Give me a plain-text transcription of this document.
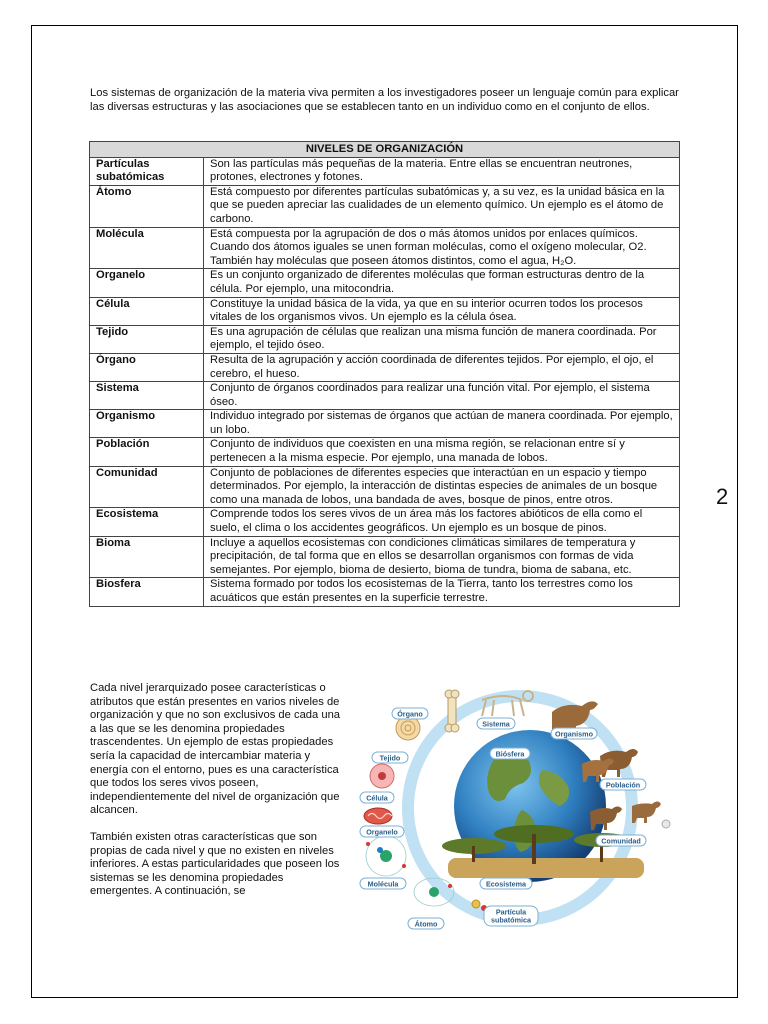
Los sistemas de organización de la materia viva permiten a los investigadores poseer un lenguaje común para explicar las diversas estructuras y las asociaciones que se establecen tanto en un individuo como en el conjunto de ellos.

NIVELES DE ORGANIZACIÓN	
Partículas subatómicas	Son las partículas más pequeñas de la materia. Entre ellas se encuentran neutrones, protones, electrones y fotones.
Átomo	Está compuesto por diferentes partículas subatómicas y, a su vez, es la unidad básica en la que se pueden apreciar las cualidades de un elemento químico. Un ejemplo es el átomo de carbono.
Molécula	Está compuesta por la agrupación de dos o más átomos unidos por enlaces químicos. Cuando dos átomos iguales se unen forman moléculas, como el oxígeno molecular, O2. También hay moléculas que poseen átomos distintos, como el agua, H₂O.
Organelo	Es un conjunto organizado de diferentes moléculas que forman estructuras dentro de la célula. Por ejemplo, una mitocondria.
Célula	Constituye la unidad básica de la vida, ya que en su interior ocurren todos los procesos vitales de los organismos vivos. Un ejemplo es la célula ósea.
Tejido	Es una agrupación de células que realizan una misma función de manera coordinada. Por ejemplo, el tejido óseo.
Órgano	Resulta de la agrupación y acción coordinada de diferentes tejidos. Por ejemplo, el ojo, el cerebro, el hueso.
Sistema	Conjunto de órganos coordinados para realizar una función vital. Por ejemplo, el sistema óseo.
Organismo	Individuo integrado por sistemas de órganos que actúan de manera coordinada. Por ejemplo, un lobo.
Población	Conjunto de individuos que coexisten en una misma región, se relacionan entre sí y pertenecen a la misma especie. Por ejemplo, una manada de lobos.
Comunidad	Conjunto de poblaciones de diferentes especies que interactúan en un espacio y tiempo determinados. Por ejemplo, la interacción de distintas especies de animales de un bosque como una manada de lobos, una bandada de aves, bosque de pinos, entre otros.
Ecosistema	Comprende todos los seres vivos de un área más los factores abióticos de ella como el suelo, el clima o los accidentes geográficos. Un ejemplo es un bosque de pinos.
Bioma	Incluye a aquellos ecosistemas con condiciones climáticas similares de temperatura y precipitación, de tal forma que en ellos se desarrollan organismos con formas de vida semejantes. Por ejemplo, bioma de desierto, bioma de tundra, bioma de sabana, etc.
Biosfera	Sistema formado por todos los ecosistemas de la Tierra, tanto los terrestres como los acuáticos que están presentes en la superficie terrestre.
2

Cada nivel jerarquizado posee características o atributos que están presentes en varios niveles de organización y que no son exclusivos de cada una a las que se les denomina propiedades trascendentes. Un ejemplo de estas propiedades sería la capacidad de intercambiar materia y energía con el entorno, pues es una característica que todos los seres vivos poseen, independientemente del nivel de organización que alcancen.

También existen otras características que son propias de cada nivel y que no existen en niveles inferiores. A estas particularidades que poseen los sistemas se les denomina propiedades emergentes. A continuación, se

Órgano
Sistema
Organismo
Tejido	Biósfera
Célula
Población
Organelo
Comunidad
Molécula	Ecosistema
Partícula
subatómica
Átomo
